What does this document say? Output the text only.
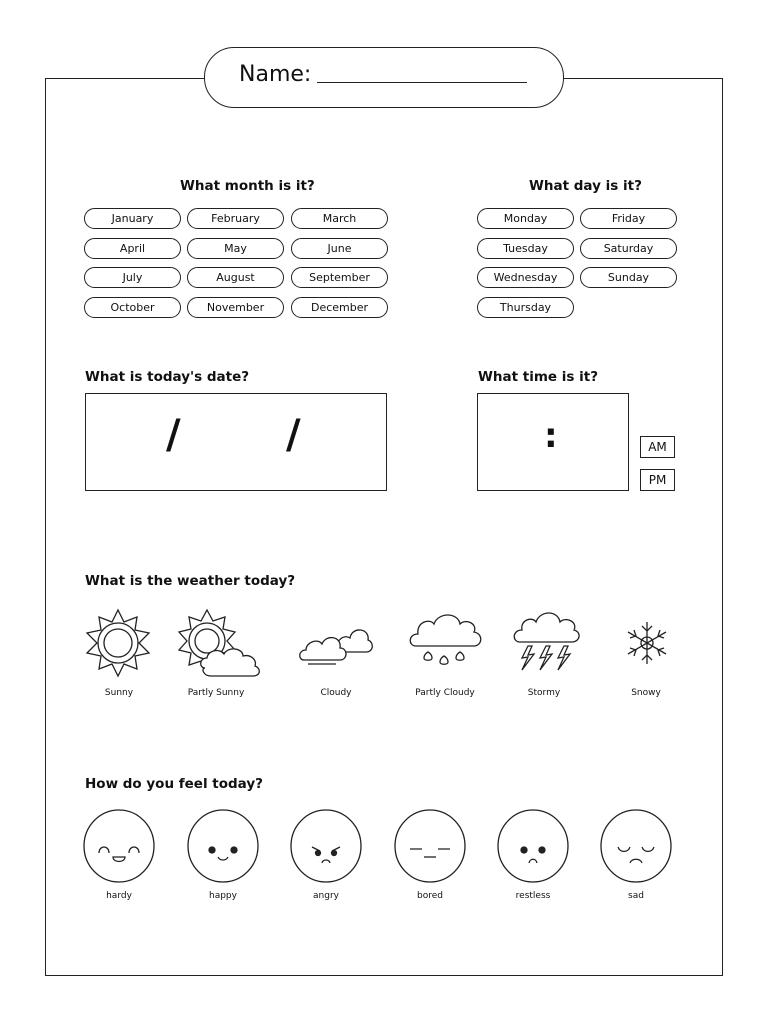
Name:
What month is it?
January	February	March
April	May	June
July	August	September
October	November	December
What day is it?
Monday	Friday
Tuesday	Saturday
Wednesday	Sunday
Thursday
What is today's date?
/	/
What time is it?
:	AM
PM
What is the weather today?
Sunny	Partly Sunny	Cloudy	Partly Cloudy	Stormy	Snowy
How do you feel today?
hardy	happy	angry	bored	restless	sad
